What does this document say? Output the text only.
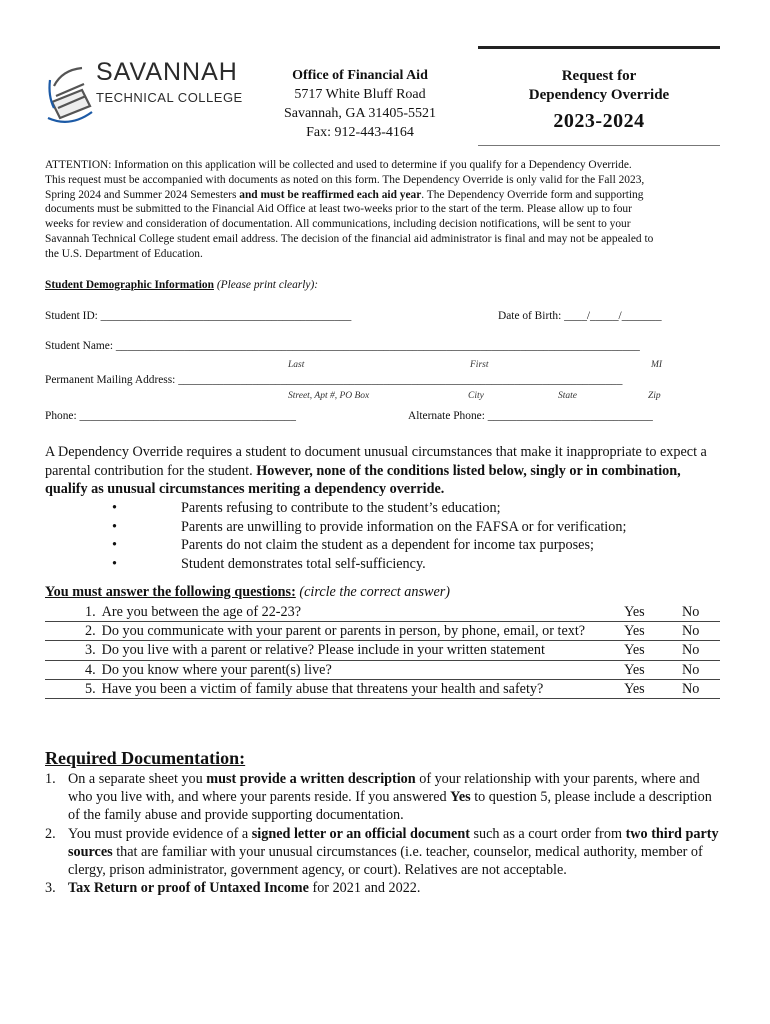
SAVANNAH
TECHNICAL COLLEGE
Office of Financial Aid
5717 White Bluff Road
Savannah, GA 31405-5521
Fax: 912-443-4164
Request for
Dependency Override
2023-2024
ATTENTION: Information on this application will be collected and used to determine if you qualify for a Dependency Override.
This request must be accompanied with documents as noted on this form. The Dependency Override is only valid for the Fall 2023,
Spring 2024 and Summer 2024 Semesters and must be reaffirmed each aid year. The Dependency Override form and supporting
documents must be submitted to the Financial Aid Office at least two-weeks prior to the start of the term. Please allow up to four
weeks for review and consideration of documentation. All communications, including decision notifications, will be sent to your
Savannah Technical College student email address. The decision of the financial aid administrator is final and may not be appealed to
the U.S. Department of Education.
Student Demographic Information (Please print clearly):
Student ID: ____________________________________________	Date of Birth: ____/_____/_______
Student Name: ____________________________________________________________________________________________
Last	First	MI
Permanent Mailing Address: ______________________________________________________________________________
Street, Apt #, PO Box	City	State	Zip
Phone: ______________________________________	Alternate Phone: _____________________________
A Dependency Override requires a student to document unusual circumstances that make it inappropriate to expect a parental contribution for the student. However, none of the conditions listed below, singly or in combination, qualify as unusual circumstances meriting a dependency override.
•	Parents refusing to contribute to the student’s education;
•	Parents are unwilling to provide information on the FAFSA or for verification;
•	Parents do not claim the student as a dependent for income tax purposes;
•	Student demonstrates total self-sufficiency.
You must answer the following questions: (circle the correct answer)
1.	Are you between the age of 22-23?	Yes	No
2.	Do you communicate with your parent or parents in person, by phone, email, or text?	Yes	No
3.	Do you live with a parent or relative? Please include in your written statement	Yes	No
4.	Do you know where your parent(s) live?	Yes	No
5.	Have you been a victim of family abuse that threatens your health and safety?	Yes	No
Required Documentation:
1. On a separate sheet you must provide a written description of your relationship with your parents, where and who you live with, and where your parents reside. If you answered Yes to question 5, please include a description of the family abuse and provide supporting documentation.
2. You must provide evidence of a signed letter or an official document such as a court order from two third party sources that are familiar with your unusual circumstances (i.e. teacher, counselor, medical authority, member of clergy, prison administrator, government agency, or court). Relatives are not acceptable.
3. Tax Return or proof of Untaxed Income for 2021 and 2022.
